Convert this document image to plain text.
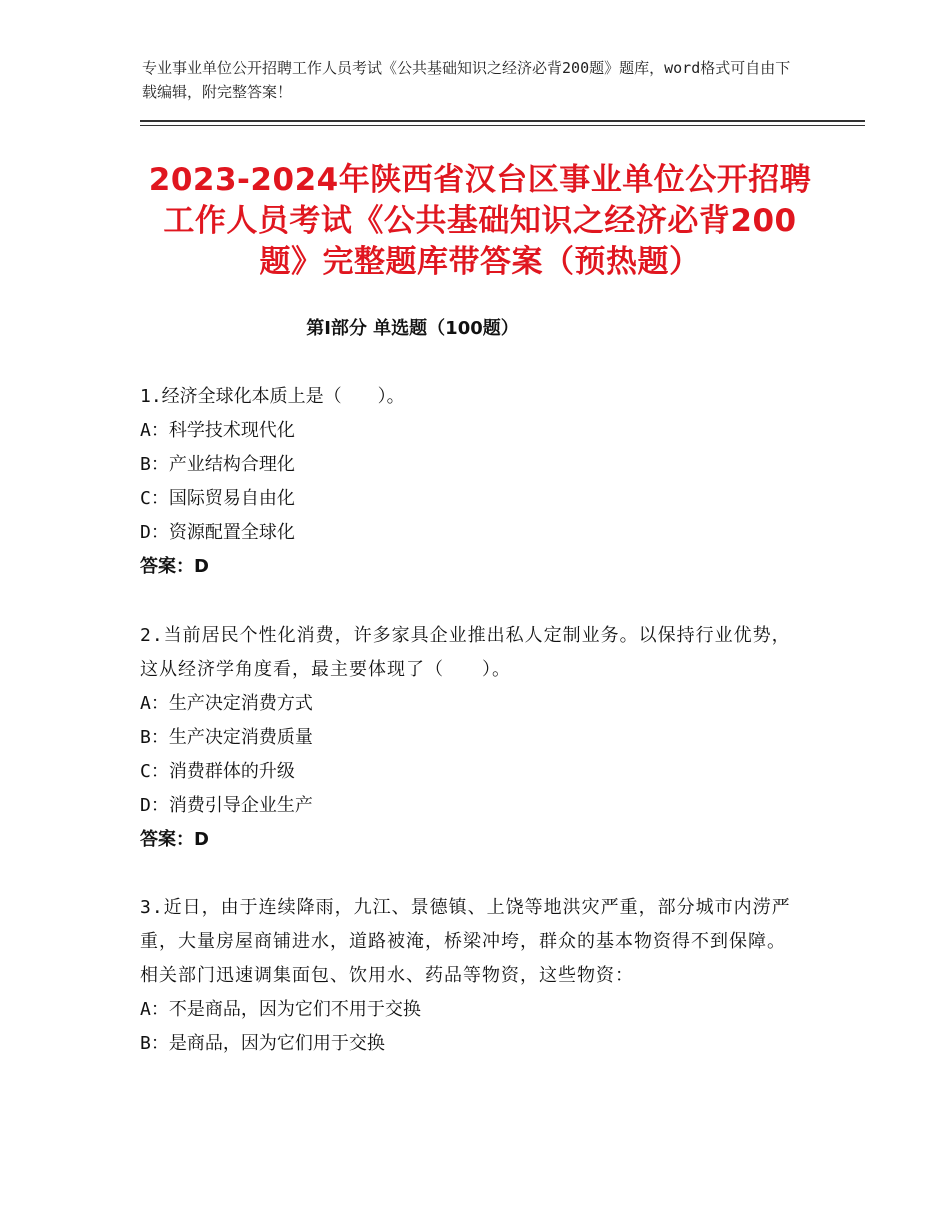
专业事业单位公开招聘工作人员考试《公共基础知识之经济必背200题》题库，word格式可自由下载编辑，附完整答案！
2023-2024年陕西省汉台区事业单位公开招聘工作人员考试《公共基础知识之经济必背200题》完整题库带答案（预热题）
第Ⅰ部分 单选题（100题）
1.经济全球化本质上是（　　）。
A：科学技术现代化
B：产业结构合理化
C：国际贸易自由化
D：资源配置全球化
答案：D
2.当前居民个性化消费，许多家具企业推出私人定制业务。以保持行业优势，这从经济学角度看，最主要体现了（　　）。
A：生产决定消费方式
B：生产决定消费质量
C：消费群体的升级
D：消费引导企业生产
答案：D
3.近日，由于连续降雨，九江、景德镇、上饶等地洪灾严重，部分城市内涝严重，大量房屋商铺进水，道路被淹，桥梁冲垮，群众的基本物资得不到保障。相关部门迅速调集面包、饮用水、药品等物资，这些物资：
A：不是商品，因为它们不用于交换
B：是商品，因为它们用于交换
